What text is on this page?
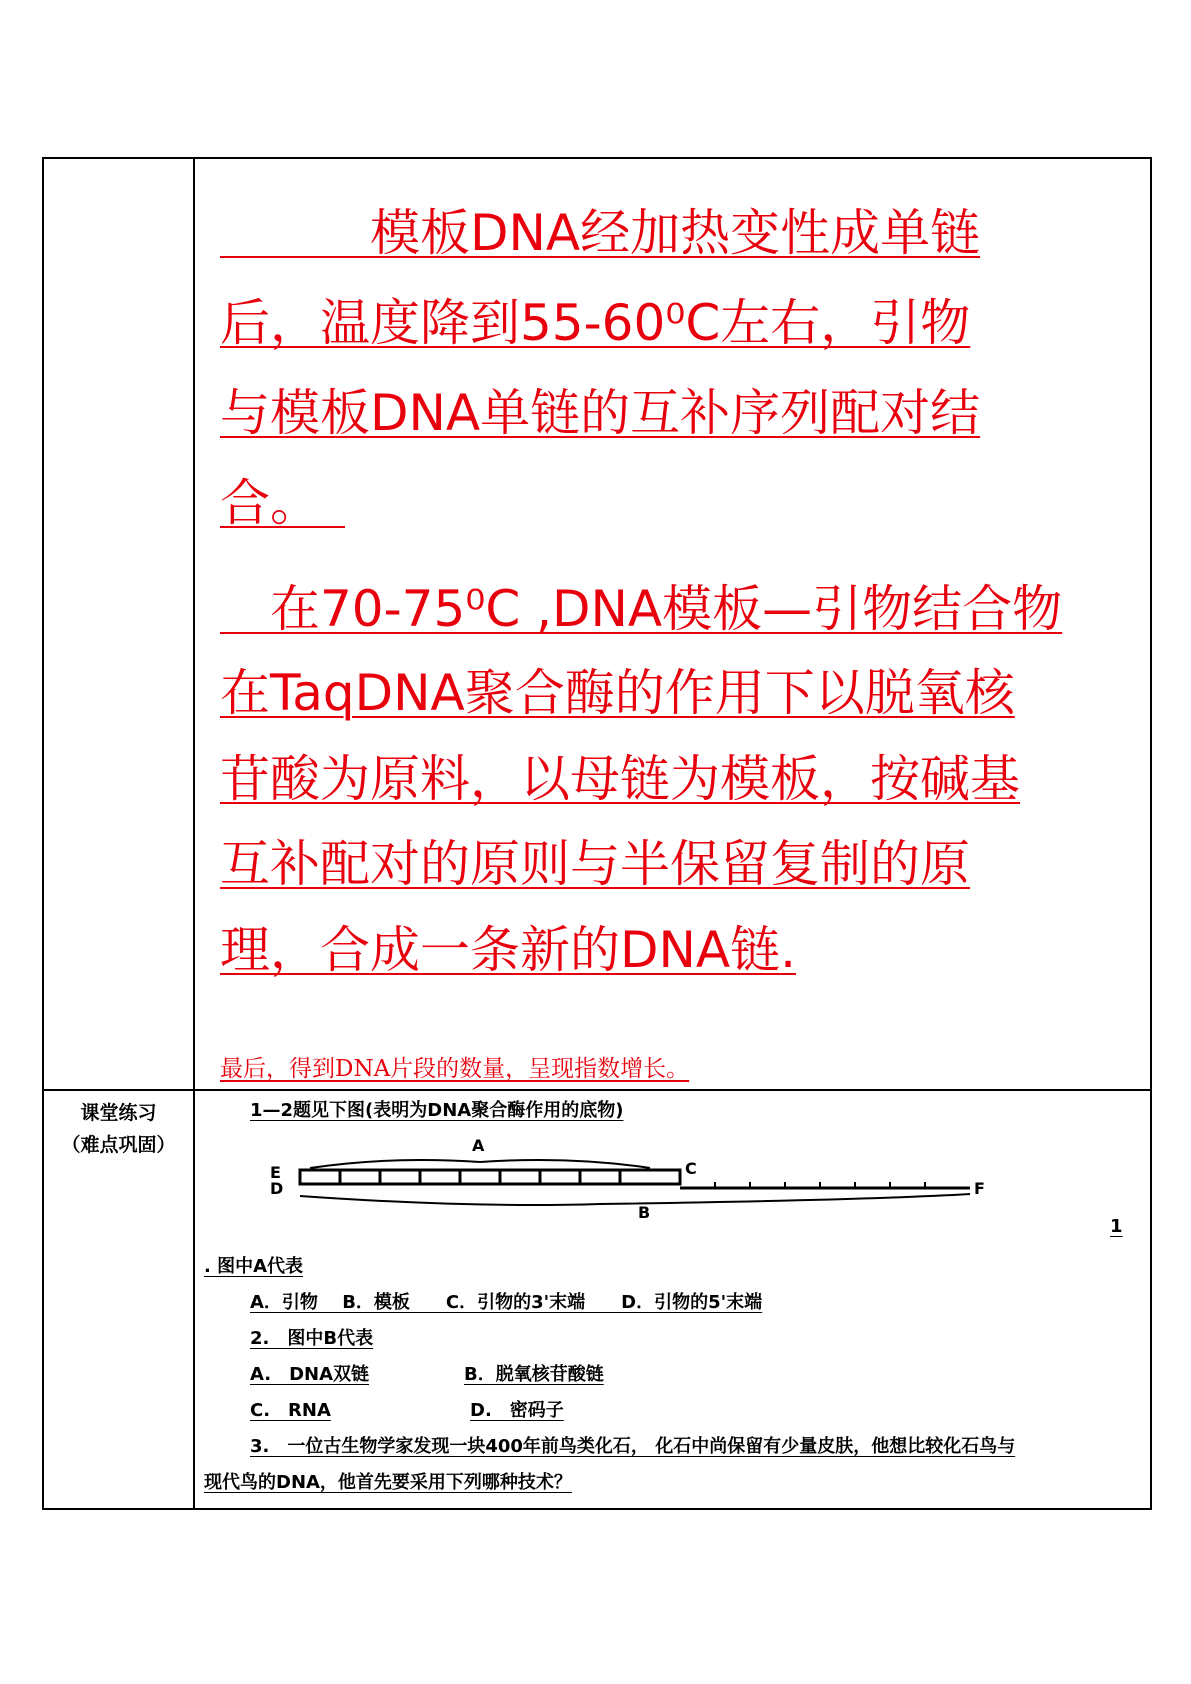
课堂练习
（难点巩固）
　　　模板DNA经加热变性成单链
后，温度降到55-60⁰C左右，引物
与模板DNA单链的互补序列配对结
合。　
　在70-75⁰C ,DNA模板—引物结合物
在TaqDNA聚合酶的作用下以脱氧核
苷酸为原料，以母链为模板，按碱基
互补配对的原则与半保留复制的原
理，合成一条新的DNA链.
最后，得到DNA片段的数量，呈现指数增长。
1—2题见下图(表明为DNA聚合酶作用的底物)
A
E
D
C
F
B
1
. 图中A代表
A．引物　 B．模板　　C．引物的3'末端　　D．引物的5'末端
2.　图中B代表
A.　DNA双链	B．脱氧核苷酸链
C.　RNA	D.　密码子
3.　一位古生物学家发现一块400年前鸟类化石， 化石中尚保留有少量皮肤，他想比较化石鸟与
现代鸟的DNA，他首先要采用下列哪种技术？
